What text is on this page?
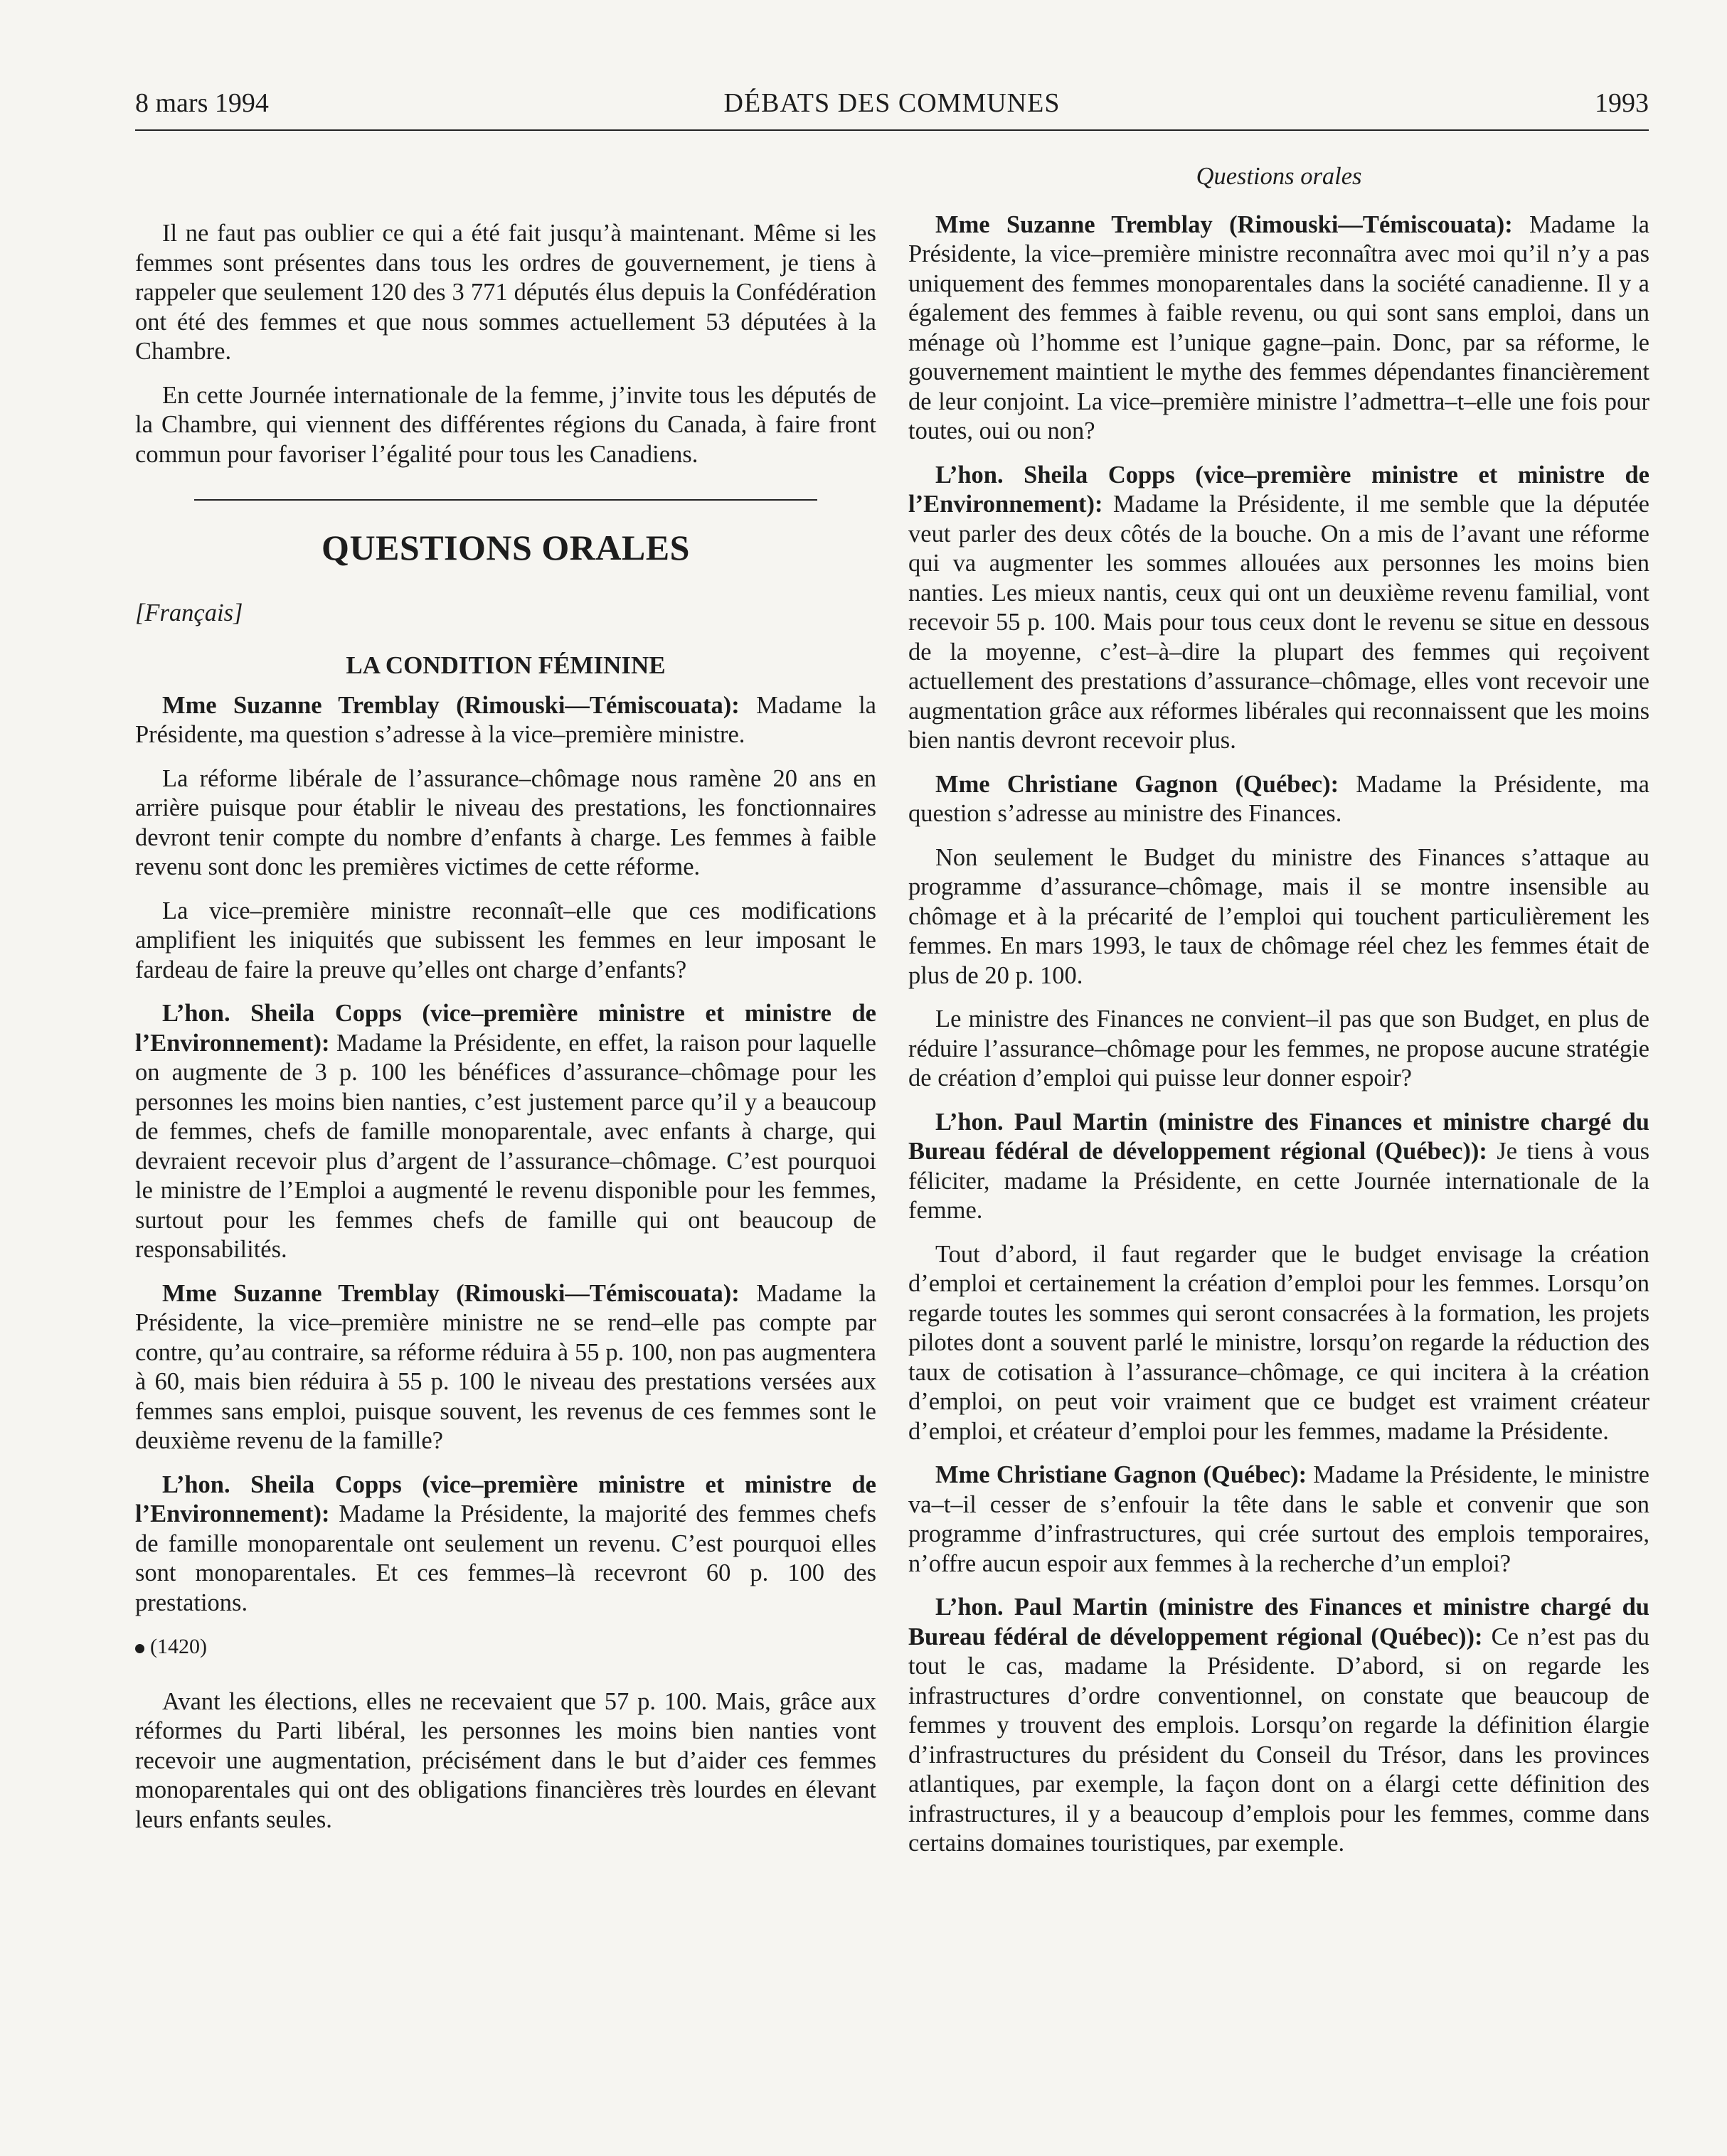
8 mars 1994	DÉBATS DES COMMUNES	1993

Il ne faut pas oublier ce qui a été fait jusqu’à maintenant. Même si les femmes sont présentes dans tous les ordres de gouvernement, je tiens à rappeler que seulement 120 des 3 771 députés élus depuis la Confédération ont été des femmes et que nous sommes actuellement 53 députées à la Chambre.

En cette Journée internationale de la femme, j’invite tous les députés de la Chambre, qui viennent des différentes régions du Canada, à faire front commun pour favoriser l’égalité pour tous les Canadiens.

QUESTIONS ORALES
[Français]
LA CONDITION FÉMININE

Mme Suzanne Tremblay (Rimouski—Témiscouata): Madame la Présidente, ma question s’adresse à la vice–première ministre.

La réforme libérale de l’assurance–chômage nous ramène 20 ans en arrière puisque pour établir le niveau des prestations, les fonctionnaires devront tenir compte du nombre d’enfants à charge. Les femmes à faible revenu sont donc les premières victimes de cette réforme.

La vice–première ministre reconnaît–elle que ces modifications amplifient les iniquités que subissent les femmes en leur imposant le fardeau de faire la preuve qu’elles ont charge d’enfants?

L’hon. Sheila Copps (vice–première ministre et ministre de l’Environnement): Madame la Présidente, en effet, la raison pour laquelle on augmente de 3 p. 100 les bénéfices d’assurance–chômage pour les personnes les moins bien nanties, c’est justement parce qu’il y a beaucoup de femmes, chefs de famille monoparentale, avec enfants à charge, qui devraient recevoir plus d’argent de l’assurance–chômage. C’est pourquoi le ministre de l’Emploi a augmenté le revenu disponible pour les femmes, surtout pour les femmes chefs de famille qui ont beaucoup de responsabilités.

Mme Suzanne Tremblay (Rimouski—Témiscouata): Madame la Présidente, la vice–première ministre ne se rend–elle pas compte par contre, qu’au contraire, sa réforme réduira à 55 p. 100, non pas augmentera à 60, mais bien réduira à 55 p. 100 le niveau des prestations versées aux femmes sans emploi, puisque souvent, les revenus de ces femmes sont le deuxième revenu de la famille?

L’hon. Sheila Copps (vice–première ministre et ministre de l’Environnement): Madame la Présidente, la majorité des femmes chefs de famille monoparentale ont seulement un revenu. C’est pourquoi elles sont monoparentales. Et ces femmes–là recevront 60 p. 100 des prestations.

(1420)

Avant les élections, elles ne recevaient que 57 p. 100. Mais, grâce aux réformes du Parti libéral, les personnes les moins bien nanties vont recevoir une augmentation, précisément dans le but d’aider ces femmes monoparentales qui ont des obligations financières très lourdes en élevant leurs enfants seules.

Questions orales

Mme Suzanne Tremblay (Rimouski—Témiscouata): Madame la Présidente, la vice–première ministre reconnaîtra avec moi qu’il n’y a pas uniquement des femmes monoparentales dans la société canadienne. Il y a également des femmes à faible revenu, ou qui sont sans emploi, dans un ménage où l’homme est l’unique gagne–pain. Donc, par sa réforme, le gouvernement maintient le mythe des femmes dépendantes financièrement de leur conjoint. La vice–première ministre l’admettra–t–elle une fois pour toutes, oui ou non?

L’hon. Sheila Copps (vice–première ministre et ministre de l’Environnement): Madame la Présidente, il me semble que la députée veut parler des deux côtés de la bouche. On a mis de l’avant une réforme qui va augmenter les sommes allouées aux personnes les moins bien nanties. Les mieux nantis, ceux qui ont un deuxième revenu familial, vont recevoir 55 p. 100. Mais pour tous ceux dont le revenu se situe en dessous de la moyenne, c’est–à–dire la plupart des femmes qui reçoivent actuellement des prestations d’assurance–chômage, elles vont recevoir une augmentation grâce aux réformes libérales qui reconnaissent que les moins bien nantis devront recevoir plus.

Mme Christiane Gagnon (Québec): Madame la Présidente, ma question s’adresse au ministre des Finances.

Non seulement le Budget du ministre des Finances s’attaque au programme d’assurance–chômage, mais il se montre insensible au chômage et à la précarité de l’emploi qui touchent particulièrement les femmes. En mars 1993, le taux de chômage réel chez les femmes était de plus de 20 p. 100.

Le ministre des Finances ne convient–il pas que son Budget, en plus de réduire l’assurance–chômage pour les femmes, ne propose aucune stratégie de création d’emploi qui puisse leur donner espoir?

L’hon. Paul Martin (ministre des Finances et ministre chargé du Bureau fédéral de développement régional (Québec)): Je tiens à vous féliciter, madame la Présidente, en cette Journée internationale de la femme.

Tout d’abord, il faut regarder que le budget envisage la création d’emploi et certainement la création d’emploi pour les femmes. Lorsqu’on regarde toutes les sommes qui seront consacrées à la formation, les projets pilotes dont a souvent parlé le ministre, lorsqu’on regarde la réduction des taux de cotisation à l’assurance–chômage, ce qui incitera à la création d’emploi, on peut voir vraiment que ce budget est vraiment créateur d’emploi, et créateur d’emploi pour les femmes, madame la Présidente.

Mme Christiane Gagnon (Québec): Madame la Présidente, le ministre va–t–il cesser de s’enfouir la tête dans le sable et convenir que son programme d’infrastructures, qui crée surtout des emplois temporaires, n’offre aucun espoir aux femmes à la recherche d’un emploi?

L’hon. Paul Martin (ministre des Finances et ministre chargé du Bureau fédéral de développement régional (Québec)): Ce n’est pas du tout le cas, madame la Présidente. D’abord, si on regarde les infrastructures d’ordre conventionnel, on constate que beaucoup de femmes y trouvent des emplois. Lorsqu’on regarde la définition élargie d’infrastructures du président du Conseil du Trésor, dans les provinces atlantiques, par exemple, la façon dont on a élargi cette définition des infrastructures, il y a beaucoup d’emplois pour les femmes, comme dans certains domaines touristiques, par exemple.
